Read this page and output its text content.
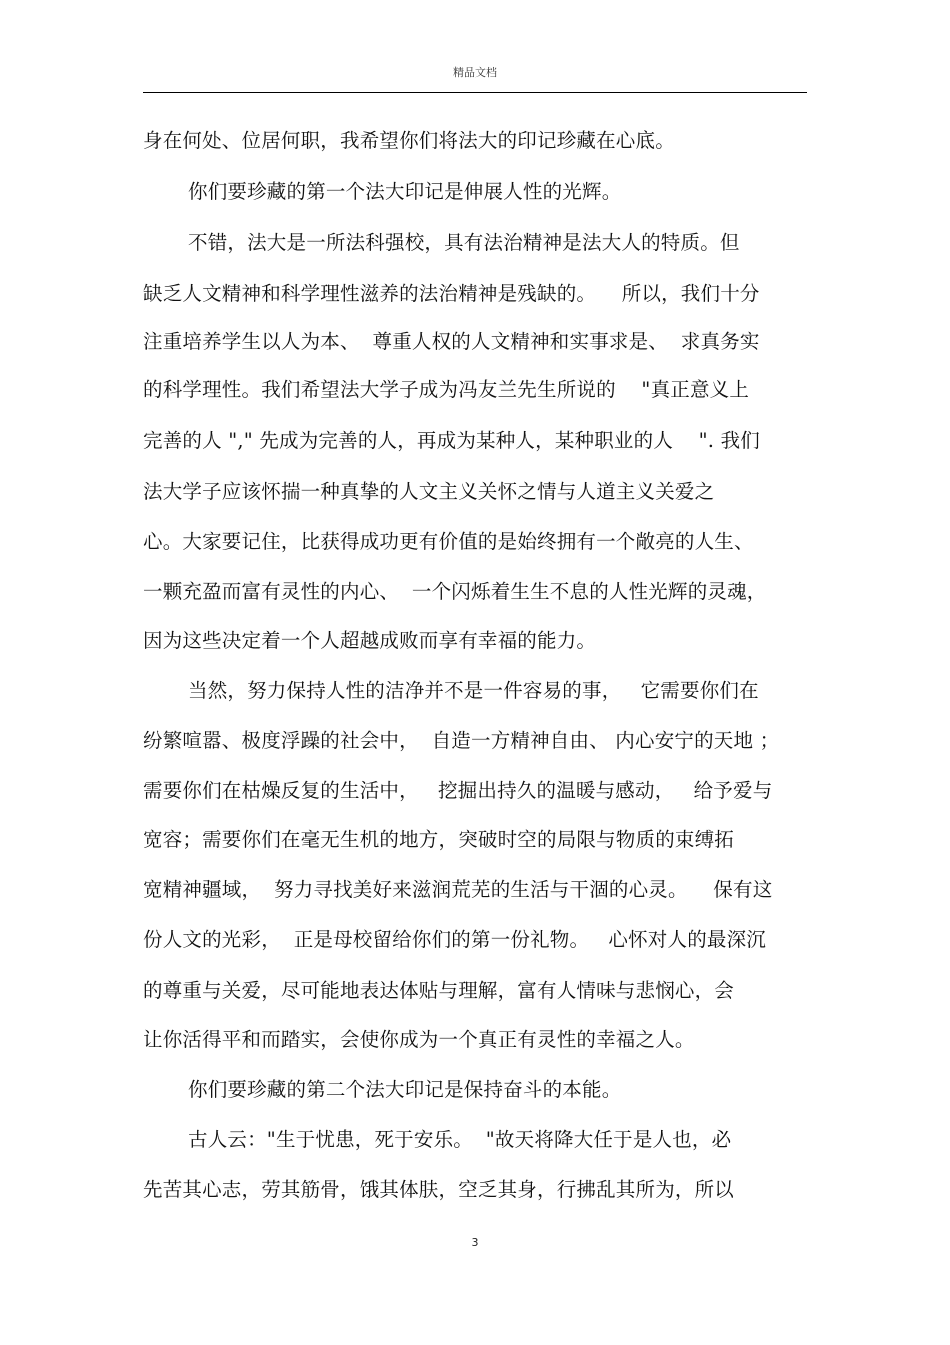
精品文档
身在何处、位居何职，我希望你们将法大的印记珍藏在心底。
你们要珍藏的第一个法大印记是伸展人性的光辉。
不错，法大是一所法科强校，具有法治精神是法大人的特质。但
缺乏人文精神和科学理性滋养的法治精神是残缺的。    所以，我们十分
注重培养学生以人为本、  尊重人权的人文精神和实事求是、  求真务实
的科学理性。我们希望法大学子成为冯友兰先生所说的    "真正意义上
完善的人 "," 先成为完善的人，再成为某种人，某种职业的人    ". 我们
法大学子应该怀揣一种真挚的人文主义关怀之情与人道主义关爱之
心。大家要记住，比获得成功更有价值的是始终拥有一个敞亮的人生、
一颗充盈而富有灵性的内心、  一个闪烁着生生不息的人性光辉的灵魂，
因为这些决定着一个人超越成败而享有幸福的能力。
当然，努力保持人性的洁净并不是一件容易的事，   它需要你们在
纷繁喧嚣、极度浮躁的社会中，  自造一方精神自由、 内心安宁的天地 ；
需要你们在枯燥反复的生活中，   挖掘出持久的温暖与感动，   给予爱与
宽容；需要你们在毫无生机的地方，突破时空的局限与物质的束缚拓
宽精神疆域，  努力寻找美好来滋润荒芜的生活与干涸的心灵。    保有这
份人文的光彩，  正是母校留给你们的第一份礼物。   心怀对人的最深沉
的尊重与关爱，尽可能地表达体贴与理解，富有人情味与悲悯心，会
让你活得平和而踏实，会使你成为一个真正有灵性的幸福之人。
你们要珍藏的第二个法大印记是保持奋斗的本能。
古人云："生于忧患，死于安乐。  "故天将降大任于是人也，必
先苦其心志，劳其筋骨，饿其体肤，空乏其身，行拂乱其所为，所以
3
